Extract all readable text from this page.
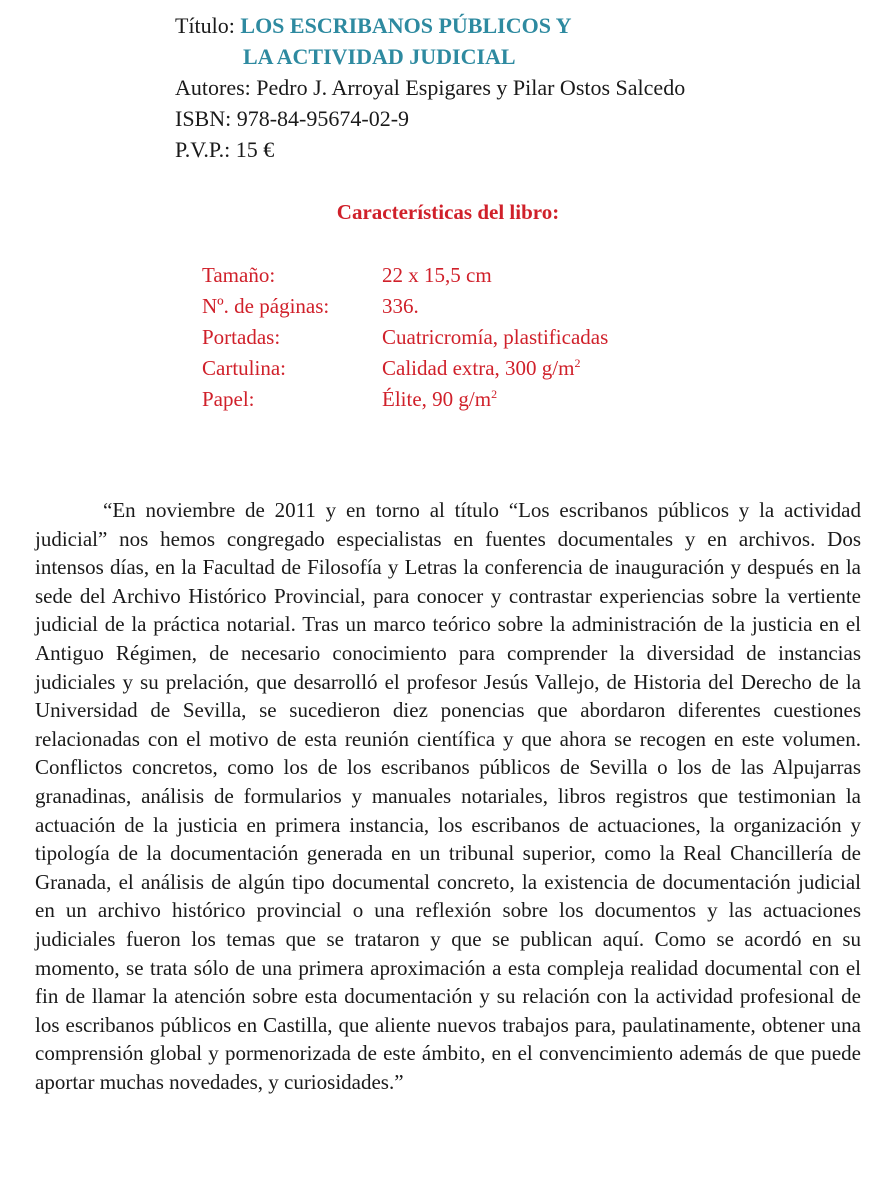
Título: LOS ESCRIBANOS PÚBLICOS Y
LA ACTIVIDAD JUDICIAL
Autores: Pedro J. Arroyal Espigares y Pilar Ostos Salcedo
ISBN: 978-84-95674-02-9
P.V.P.: 15 €
Características del libro:
Tamaño:	22 x 15,5 cm
Nº. de páginas:	336.
Portadas:	Cuatricromía, plastificadas
Cartulina:	Calidad extra, 300 $g/m^2$
Papel:	Élite, 90 $g/m^2$

“En noviembre de 2011 y en torno al título “Los escribanos públicos y la actividad judicial” nos hemos congregado especialistas en fuentes documentales y en archivos. Dos intensos días, en la Facultad de Filosofía y Letras la conferencia de inauguración y después en la sede del Archivo Histórico Provincial, para conocer y contrastar experiencias sobre la vertiente judicial de la práctica notarial. Tras un marco teórico sobre la administración de la justicia en el Antiguo Régimen, de necesario conocimiento para comprender la diversidad de instancias judiciales y su prelación, que desarrolló el profesor Jesús Vallejo, de Historia del Derecho de la Universidad de Sevilla, se sucedieron diez ponencias que abordaron diferentes cuestiones relacionadas con el motivo de esta reunión científica y que ahora se recogen en este volumen. Conflictos concretos, como los de los escribanos públicos de Sevilla o los de las Alpujarras granadinas, análisis de formularios y manuales notariales, libros registros que testimonian la actuación de la justicia en primera instancia, los escribanos de actuaciones, la organización y tipología de la documentación generada en un tribunal superior, como la Real Chancillería de Granada, el análisis de algún tipo documental concreto, la existencia de documentación judicial en un archivo histórico provincial o una reflexión sobre los documentos y las actuaciones judiciales fueron los temas que se trataron y que se publican aquí. Como se acordó en su momento, se trata sólo de una primera aproximación a esta compleja realidad documental con el fin de llamar la atención sobre esta documentación y su relación con la actividad profesional de los escribanos públicos en Castilla, que aliente nuevos trabajos para, paulatinamente, obtener una comprensión global y pormenorizada de este ámbito, en el convencimiento además de que puede aportar muchas novedades, y curiosidades.”
